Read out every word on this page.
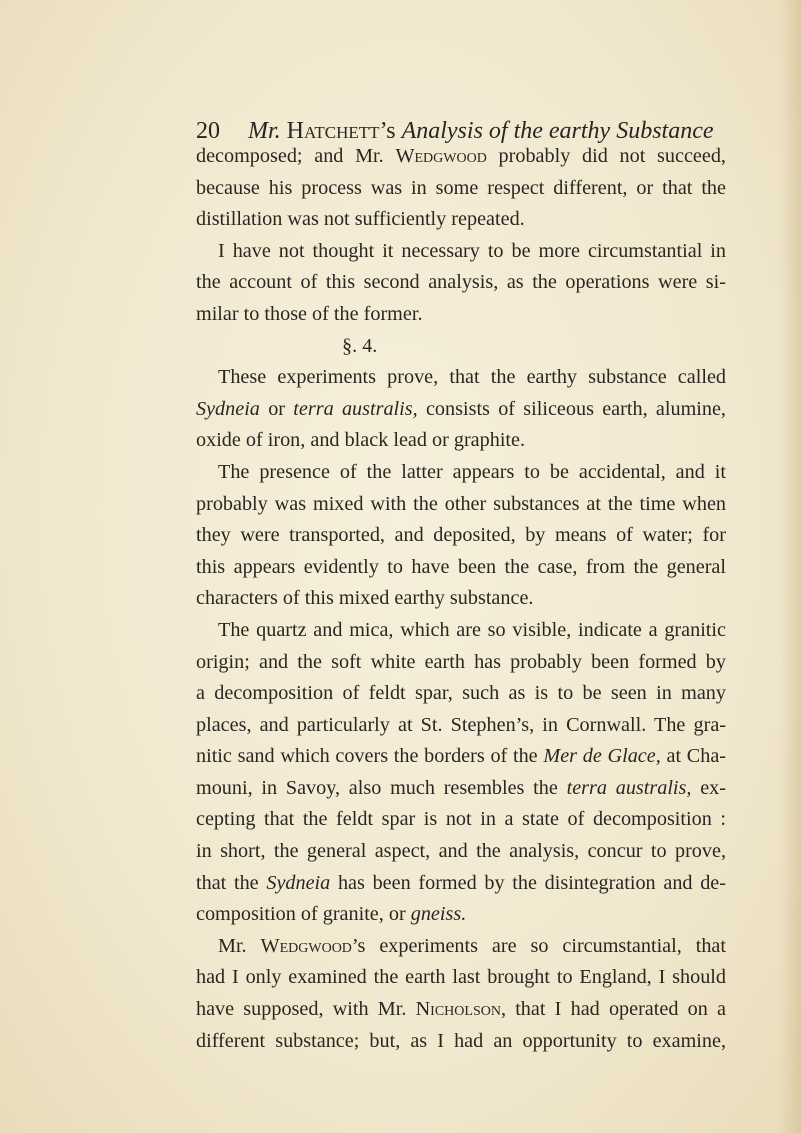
20 Mr. Hatchett’s Analysis of the earthy Substance
decomposed; and Mr. Wedgwood probably did not succeed,
because his process was in some respect different, or that the
distillation was not sufficiently repeated.
I have not thought it necessary to be more circumstantial in
the account of this second analysis, as the operations were si-
milar to those of the former.
§. 4.
These experiments prove, that the earthy substance called
Sydneia or terra australis, consists of siliceous earth, alumine,
oxide of iron, and black lead or graphite.
The presence of the latter appears to be accidental, and it
probably was mixed with the other substances at the time when
they were transported, and deposited, by means of water; for
this appears evidently to have been the case, from the general
characters of this mixed earthy substance.
The quartz and mica, which are so visible, indicate a granitic
origin; and the soft white earth has probably been formed by
a decomposition of feldt spar, such as is to be seen in many
places, and particularly at St. Stephen’s, in Cornwall. The gra-
nitic sand which covers the borders of the Mer de Glace, at Cha-
mouni, in Savoy, also much resembles the terra australis, ex-
cepting that the feldt spar is not in a state of decomposition :
in short, the general aspect, and the analysis, concur to prove,
that the Sydneia has been formed by the disintegration and de-
composition of granite, or gneiss.
Mr. Wedgwood’s experiments are so circumstantial, that
had I only examined the earth last brought to England, I should
have supposed, with Mr. Nicholson, that I had operated on a
different substance; but, as I had an opportunity to examine,
